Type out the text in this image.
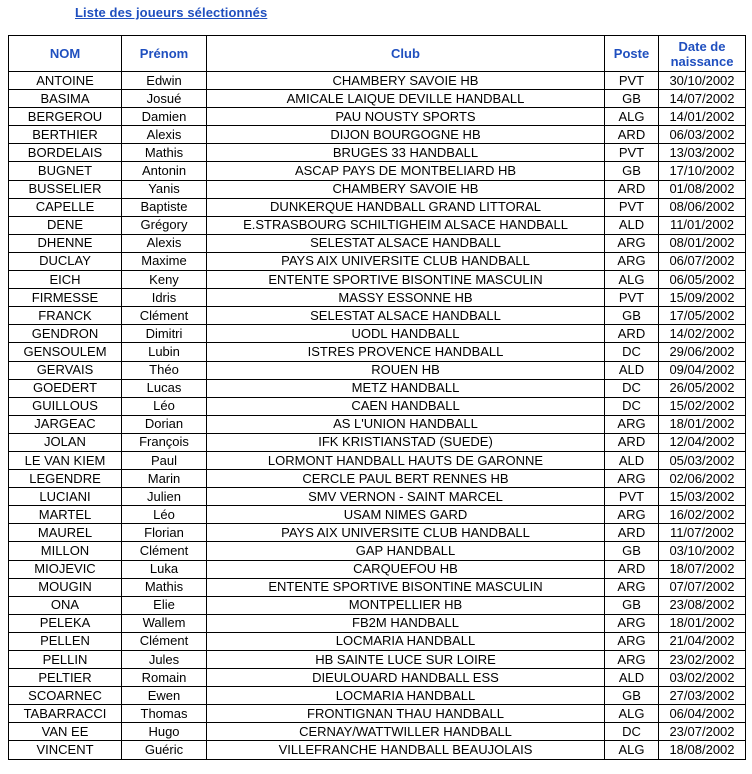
Liste des joueurs sélectionnés
NOM	Prénom	Club	Poste	Date de naissance
ANTOINE	Edwin	CHAMBERY SAVOIE HB	PVT	30/10/2002
BASIMA	Josué	AMICALE LAIQUE DEVILLE HANDBALL	GB	14/07/2002
BERGEROU	Damien	PAU NOUSTY SPORTS	ALG	14/01/2002
BERTHIER	Alexis	DIJON BOURGOGNE HB	ARD	06/03/2002
BORDELAIS	Mathis	BRUGES 33 HANDBALL	PVT	13/03/2002
BUGNET	Antonin	ASCAP PAYS DE MONTBELIARD HB	GB	17/10/2002
BUSSELIER	Yanis	CHAMBERY SAVOIE HB	ARD	01/08/2002
CAPELLE	Baptiste	DUNKERQUE HANDBALL GRAND LITTORAL	PVT	08/06/2002
DENE	Grégory	E.STRASBOURG SCHILTIGHEIM ALSACE HANDBALL	ALD	11/01/2002
DHENNE	Alexis	SELESTAT ALSACE HANDBALL	ARG	08/01/2002
DUCLAY	Maxime	PAYS AIX UNIVERSITE CLUB HANDBALL	ARG	06/07/2002
EICH	Keny	ENTENTE SPORTIVE BISONTINE MASCULIN	ALG	06/05/2002
FIRMESSE	Idris	MASSY ESSONNE HB	PVT	15/09/2002
FRANCK	Clément	SELESTAT ALSACE HANDBALL	GB	17/05/2002
GENDRON	Dimitri	UODL HANDBALL	ARD	14/02/2002
GENSOULEM	Lubin	ISTRES PROVENCE HANDBALL	DC	29/06/2002
GERVAIS	Théo	ROUEN HB	ALD	09/04/2002
GOEDERT	Lucas	METZ HANDBALL	DC	26/05/2002
GUILLOUS	Léo	CAEN HANDBALL	DC	15/02/2002
JARGEAC	Dorian	AS L'UNION HANDBALL	ARG	18/01/2002
JOLAN	François	IFK KRISTIANSTAD (SUEDE)	ARD	12/04/2002
LE VAN KIEM	Paul	LORMONT HANDBALL HAUTS DE GARONNE	ALD	05/03/2002
LEGENDRE	Marin	CERCLE PAUL BERT RENNES HB	ARG	02/06/2002
LUCIANI	Julien	SMV VERNON - SAINT MARCEL	PVT	15/03/2002
MARTEL	Léo	USAM NIMES GARD	ARG	16/02/2002
MAUREL	Florian	PAYS AIX UNIVERSITE CLUB HANDBALL	ARD	11/07/2002
MILLON	Clément	GAP HANDBALL	GB	03/10/2002
MIOJEVIC	Luka	CARQUEFOU HB	ARD	18/07/2002
MOUGIN	Mathis	ENTENTE SPORTIVE BISONTINE MASCULIN	ARG	07/07/2002
ONA	Elie	MONTPELLIER HB	GB	23/08/2002
PELEKA	Wallem	FB2M HANDBALL	ARG	18/01/2002
PELLEN	Clément	LOCMARIA HANDBALL	ARG	21/04/2002
PELLIN	Jules	HB SAINTE LUCE SUR LOIRE	ARG	23/02/2002
PELTIER	Romain	DIEULOUARD HANDBALL ESS	ALD	03/02/2002
SCOARNEC	Ewen	LOCMARIA HANDBALL	GB	27/03/2002
TABARRACCI	Thomas	FRONTIGNAN THAU HANDBALL	ALG	06/04/2002
VAN EE	Hugo	CERNAY/WATTWILLER HANDBALL	DC	23/07/2002
VINCENT	Guéric	VILLEFRANCHE HANDBALL BEAUJOLAIS	ALG	18/08/2002
